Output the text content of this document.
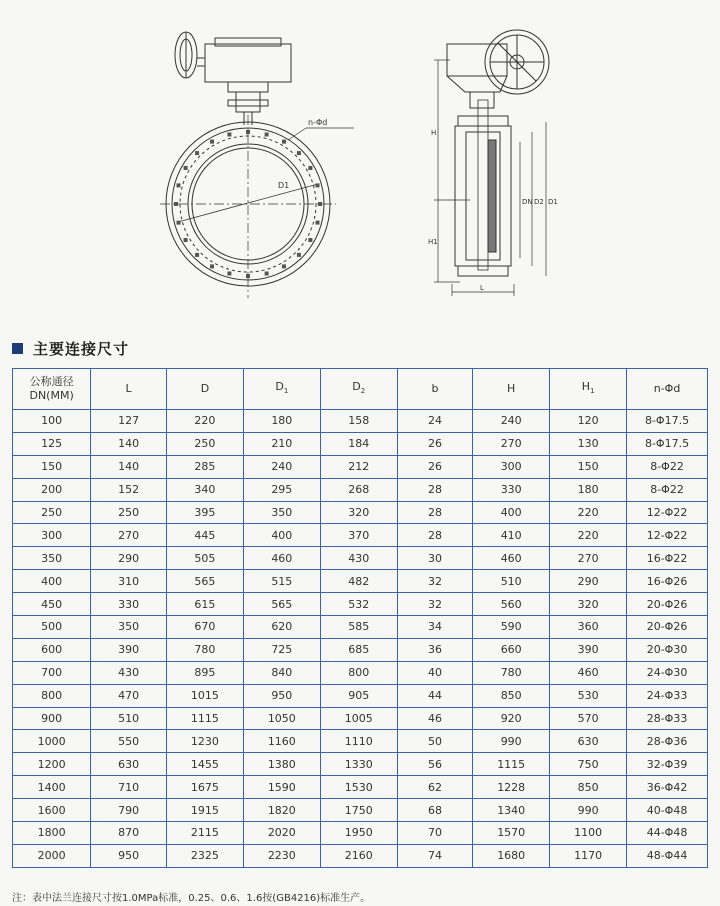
n-Φd
D1
H
H1
DN D2 D1
L
主要连接尺寸
公称通径
DN(MM)	L	D	$D_1$	$D_2$	b	H	$H_1$	n-Φd
100	127	220	180	158	24	240	120	8-Φ17.5
125	140	250	210	184	26	270	130	8-Φ17.5
150	140	285	240	212	26	300	150	8-Φ22
200	152	340	295	268	28	330	180	8-Φ22
250	250	395	350	320	28	400	220	12-Φ22
300	270	445	400	370	28	410	220	12-Φ22
350	290	505	460	430	30	460	270	16-Φ22
400	310	565	515	482	32	510	290	16-Φ26
450	330	615	565	532	32	560	320	20-Φ26
500	350	670	620	585	34	590	360	20-Φ26
600	390	780	725	685	36	660	390	20-Φ30
700	430	895	840	800	40	780	460	24-Φ30
800	470	1015	950	905	44	850	530	24-Φ33
900	510	1115	1050	1005	46	920	570	28-Φ33
1000	550	1230	1160	1110	50	990	630	28-Φ36
1200	630	1455	1380	1330	56	1115	750	32-Φ39
1400	710	1675	1590	1530	62	1228	850	36-Φ42
1600	790	1915	1820	1750	68	1340	990	40-Φ48
1800	870	2115	2020	1950	70	1570	1100	44-Φ48
2000	950	2325	2230	2160	74	1680	1170	48-Φ44
注：表中法兰连接尺寸按1.0MPa标准，0.25、0.6、1.6按(GB4216)标准生产。
